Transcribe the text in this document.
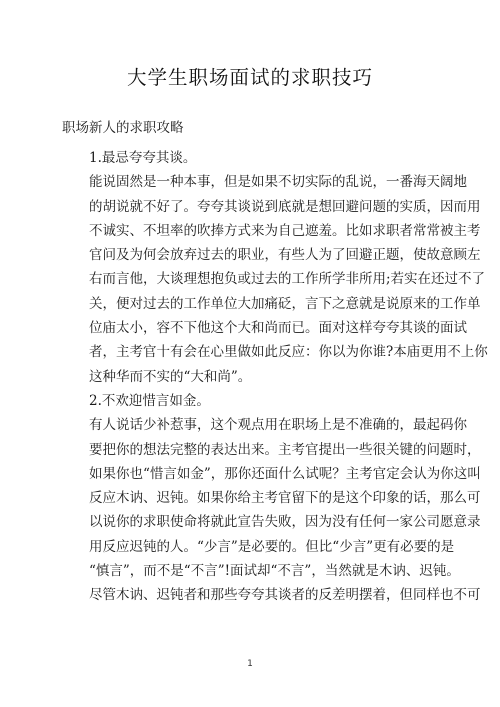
大学生职场面试的求职技巧
职场新人的求职攻略

1.最忌夸夸其谈。

能说固然是一种本事，但是如果不切实际的乱说，一番海天阔地
的胡说就不好了。夸夸其谈说到底就是想回避问题的实质，因而用
不诚实、不坦率的吹捧方式来为自己遮羞。比如求职者常常被主考
官问及为何会放弃过去的职业，有些人为了回避正题，使故意顾左
右而言他，大谈理想抱负或过去的工作所学非所用;若实在还过不了
关，便对过去的工作单位大加痛砭，言下之意就是说原来的工作单
位庙太小，容不下他这个大和尚而已。面对这样夸夸其谈的面试
者，主考官十有会在心里做如此反应：你以为你谁?本庙更用不上你
这种华而不实的“大和尚”。

2.不欢迎惜言如金。

有人说话少补惹事，这个观点用在职场上是不准确的，最起码你
要把你的想法完整的表达出来。主考官提出一些很关键的问题时，
如果你也“惜言如金”，那你还面什么试呢？主考官定会认为你这叫
反应木讷、迟钝。如果你给主考官留下的是这个印象的话，那么可
以说你的求职使命将就此宣告失败，因为没有任何一家公司愿意录
用反应迟钝的人。“少言”是必要的。但比“少言”更有必要的是
“慎言”，而不是“不言”!面试却“不言”，当然就是木讷、迟钝。
尽管木讷、迟钝者和那些夸夸其谈者的反差明摆着，但同样也不可

1
